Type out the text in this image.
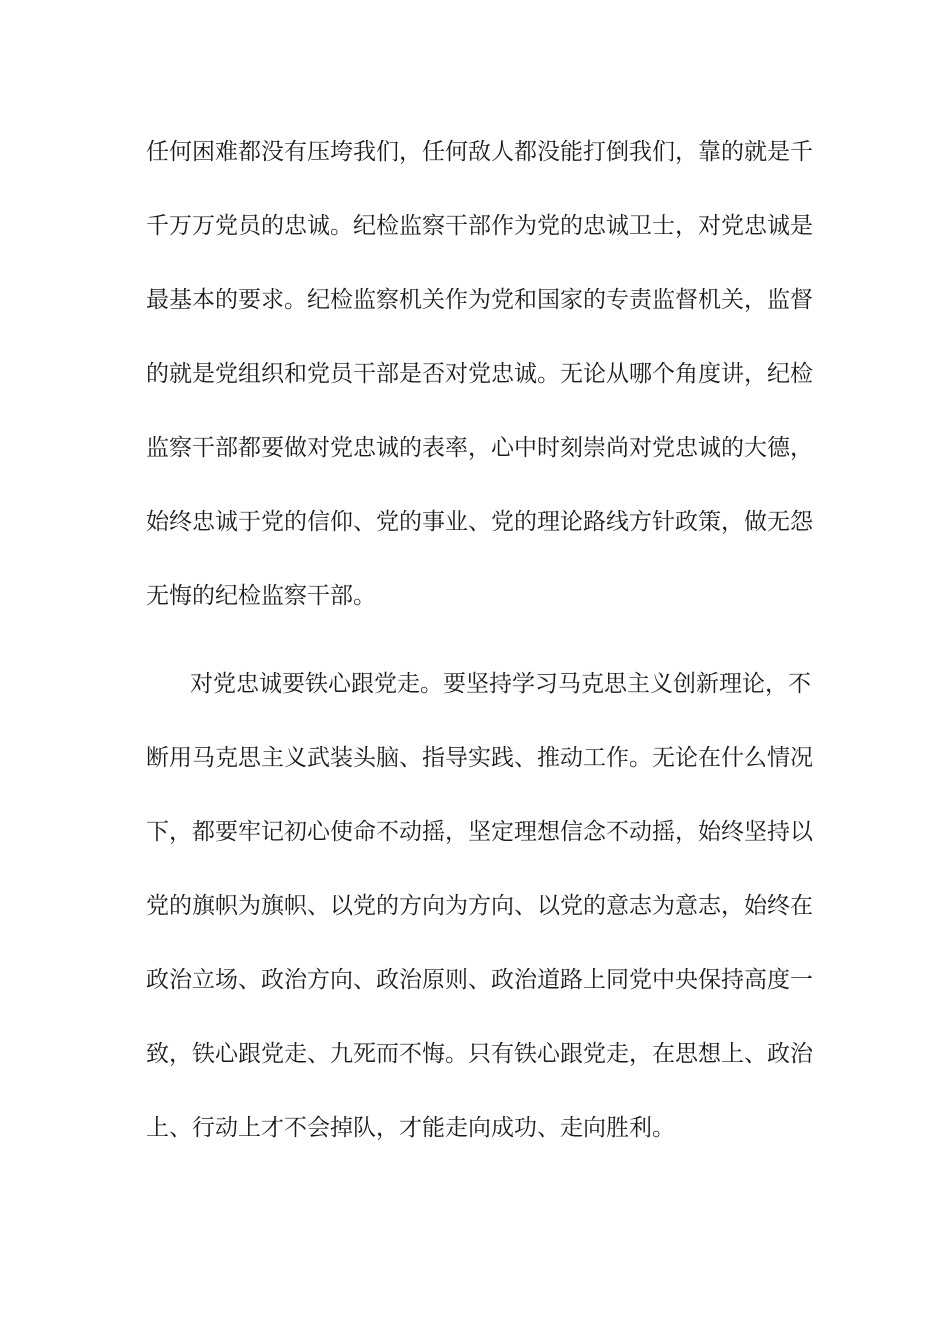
任何困难都没有压垮我们，任何敌人都没能打倒我们，靠的就是千
千万万党员的忠诚。纪检监察干部作为党的忠诚卫士，对党忠诚是
最基本的要求。纪检监察机关作为党和国家的专责监督机关，监督
的就是党组织和党员干部是否对党忠诚。无论从哪个角度讲，纪检
监察干部都要做对党忠诚的表率，心中时刻崇尚对党忠诚的大德，
始终忠诚于党的信仰、党的事业、党的理论路线方针政策，做无怨
无悔的纪检监察干部。
对党忠诚要铁心跟党走。要坚持学习马克思主义创新理论，不
断用马克思主义武装头脑、指导实践、推动工作。无论在什么情况
下，都要牢记初心使命不动摇，坚定理想信念不动摇，始终坚持以
党的旗帜为旗帜、以党的方向为方向、以党的意志为意志，始终在
政治立场、政治方向、政治原则、政治道路上同党中央保持高度一
致，铁心跟党走、九死而不悔。只有铁心跟党走，在思想上、政治
上、行动上才不会掉队，才能走向成功、走向胜利。
